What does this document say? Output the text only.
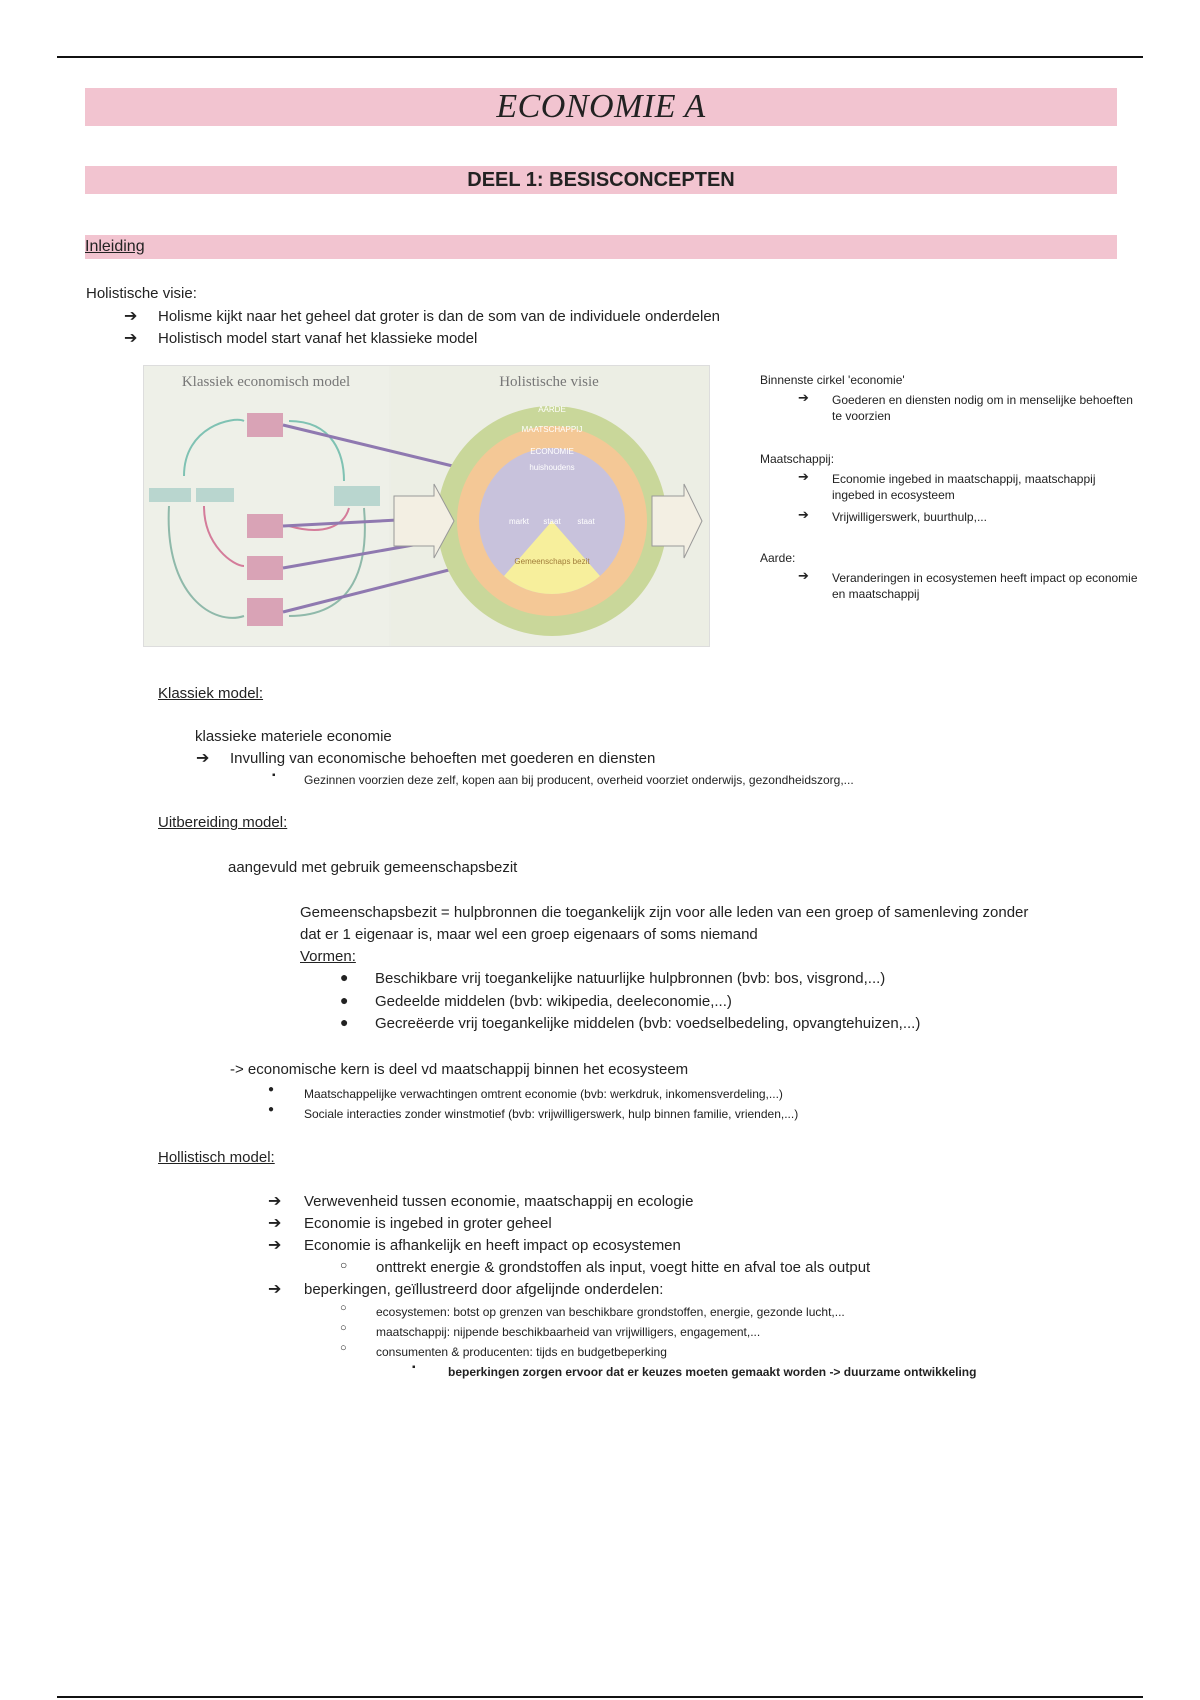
ECONOMIE A
DEEL 1: BESISCONCEPTEN
Inleiding
Holistische visie:
➔ Holisme kijkt naar het geheel dat groter is dan de som van de individuele onderdelen
➔ Holistisch model start vanaf het klassieke model
Klassiek economisch model	Holistische visie
AARDE
MAATSCHAPPIJ
ECONOMIE
huishoudens
markt staat staat
Gemeenschaps bezit
Binnenste cirkel 'economie'
➔ Goederen en diensten nodig om in menselijke behoeften te voorzien
Maatschappij:
➔ Economie ingebed in maatschappij, maatschappij ingebed in ecosysteem
➔ Vrijwilligerswerk, buurthulp,...
Aarde:
➔ Veranderingen in ecosystemen heeft impact op economie en maatschappij
Klassiek model:
klassieke materiele economie
➔ Invulling van economische behoeften met goederen en diensten
▪ Gezinnen voorzien deze zelf, kopen aan bij producent, overheid voorziet onderwijs, gezondheidszorg,...
Uitbereiding model:
aangevuld met gebruik gemeenschapsbezit
Gemeenschapsbezit = hulpbronnen die toegankelijk zijn voor alle leden van een groep of samenleving zonder
dat er 1 eigenaar is, maar wel een groep eigenaars of soms niemand
Vormen:
● Beschikbare vrij toegankelijke natuurlijke hulpbronnen (bvb: bos, visgrond,...)
● Gedeelde middelen (bvb: wikipedia, deeleconomie,...)
● Gecreëerde vrij toegankelijke middelen (bvb: voedselbedeling, opvangtehuizen,...)
-> economische kern is deel vd maatschappij binnen het ecosysteem
● Maatschappelijke verwachtingen omtrent economie (bvb: werkdruk, inkomensverdeling,...)
● Sociale interacties zonder winstmotief (bvb: vrijwilligerswerk, hulp binnen familie, vrienden,...)
Hollistisch model:
➔ Verwevenheid tussen economie, maatschappij en ecologie
➔ Economie is ingebed in groter geheel
➔ Economie is afhankelijk en heeft impact op ecosystemen
○ onttrekt energie & grondstoffen als input, voegt hitte en afval toe als output
➔ beperkingen, geïllustreerd door afgelijnde onderdelen:
○ ecosystemen: botst op grenzen van beschikbare grondstoffen, energie, gezonde lucht,...
○ maatschappij: nijpende beschikbaarheid van vrijwilligers, engagement,...
○ consumenten & producenten: tijds en budgetbeperking
▪	beperkingen zorgen ervoor dat er keuzes moeten gemaakt worden -> duurzame ontwikkeling
